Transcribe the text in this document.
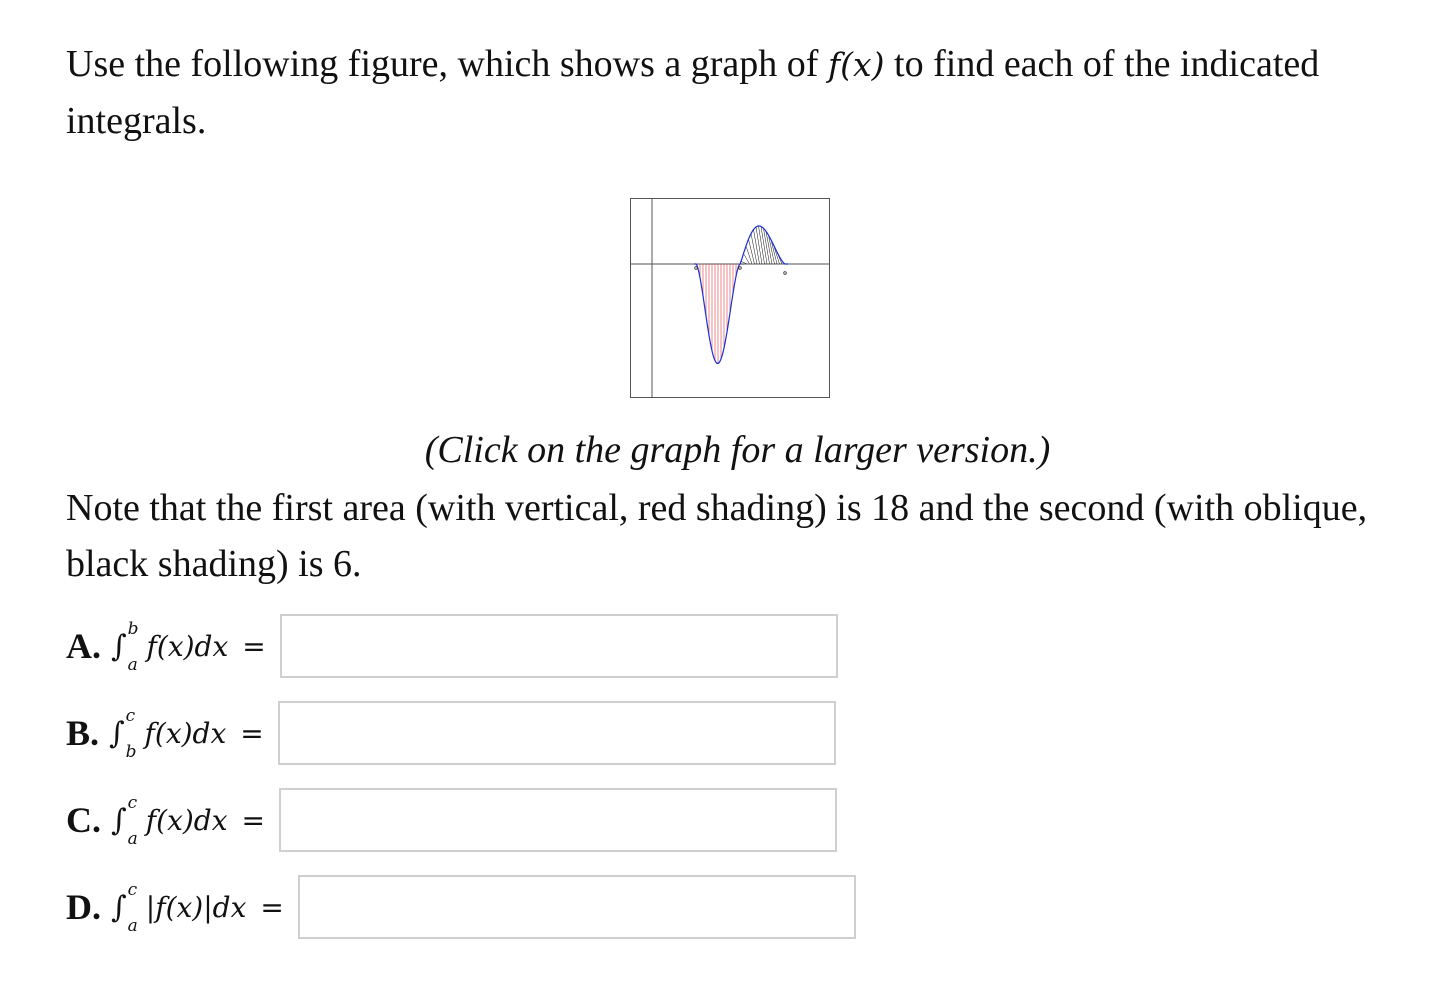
Use the following figure, which shows a graph of f(x) to find each of the indicated integrals.
(Click on the graph for a larger version.)
Note that the first area (with vertical, red shading) is 18 and the second (with oblique, black shading) is 6.
A. ∫ b
a
f(x)dx =
B. ∫ c
b
f(x)dx =
C. ∫ c
a
f(x)dx =
D. ∫ c
a
|f(x)|dx =
